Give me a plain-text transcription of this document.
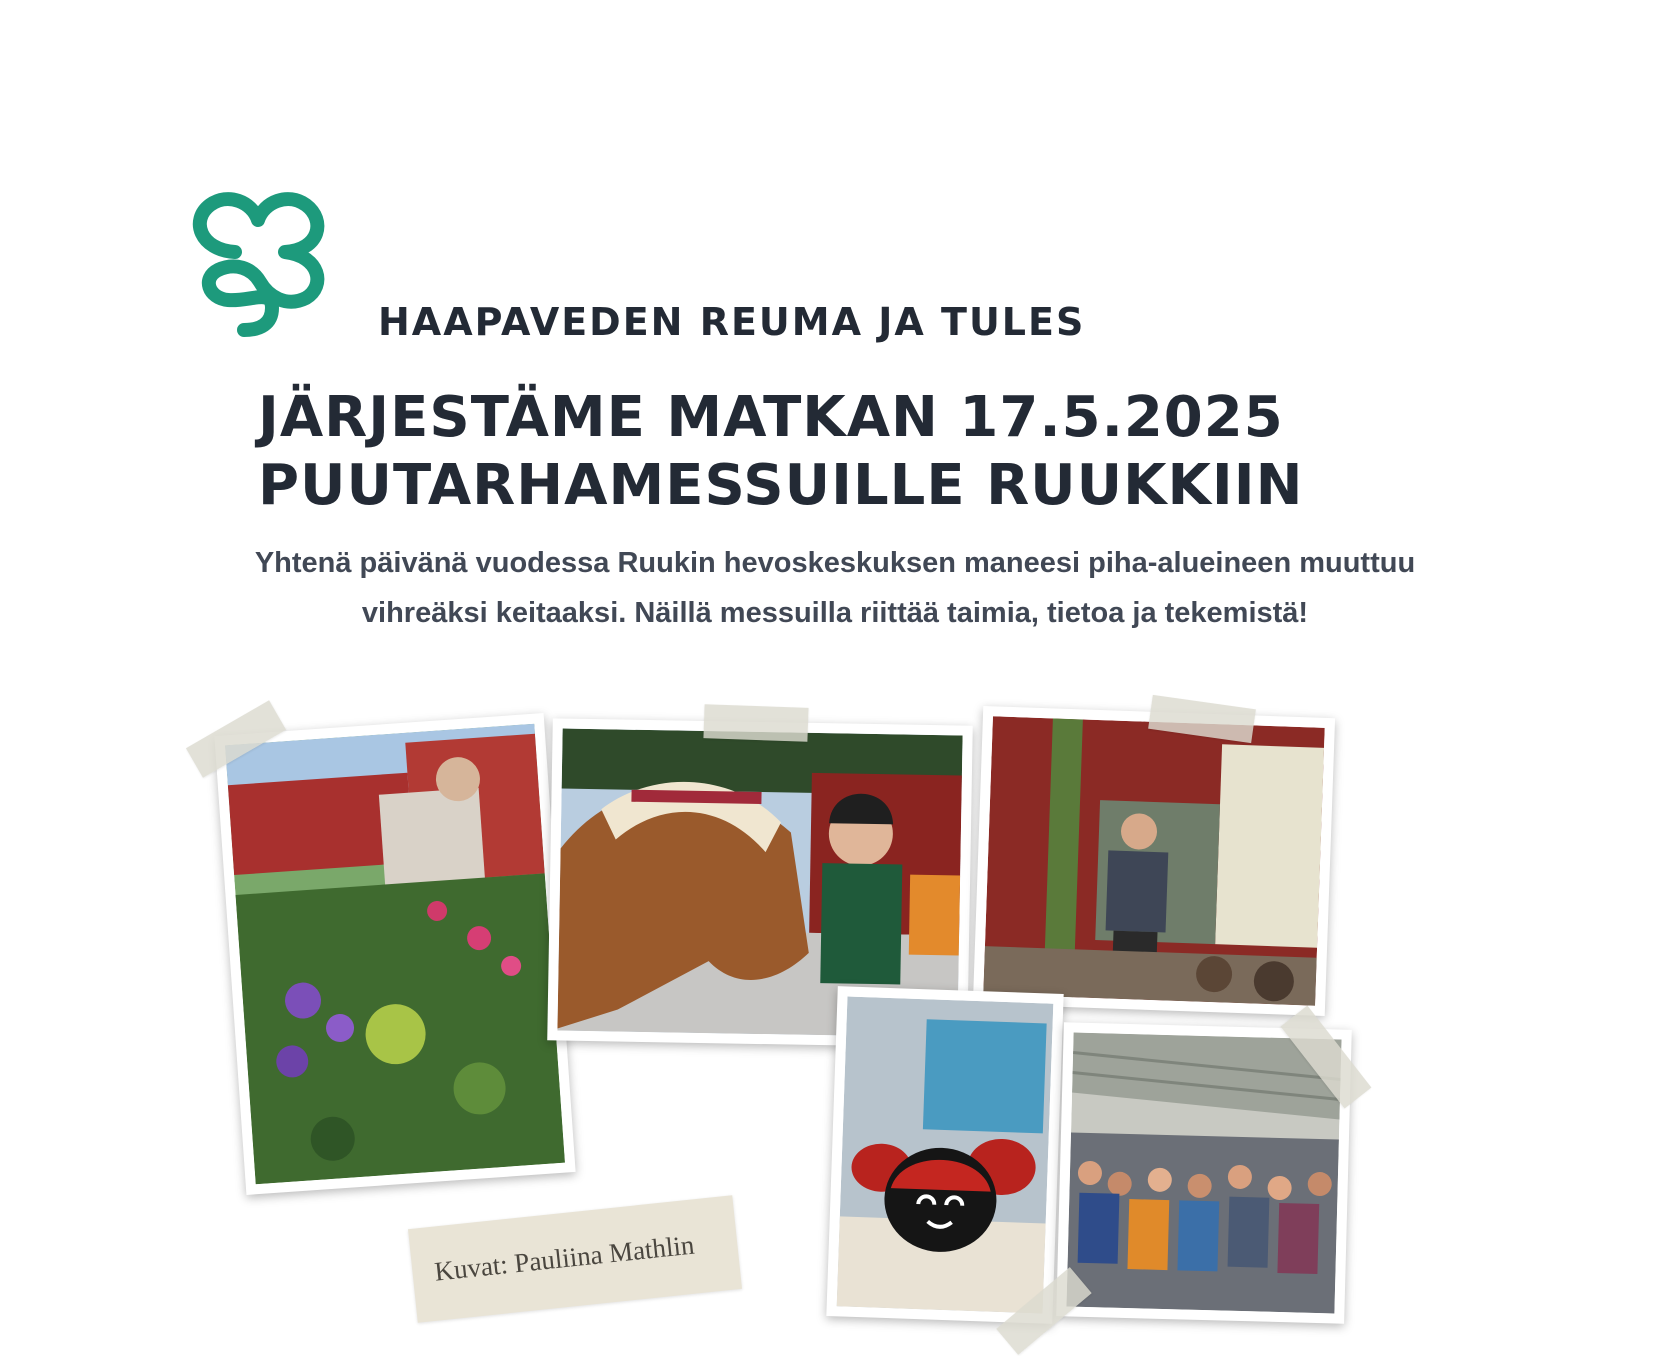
HAAPAVEDEN REUMA JA TULES
JÄRJESTÄME MATKAN 17.5.2025
PUUTARHAMESSUILLE RUUKKIIN
Yhtenä päivänä vuodessa Ruukin hevoskeskuksen maneesi piha-alueineen muuttuu
vihreäksi keitaaksi. Näillä messuilla riittää taimia, tietoa ja tekemistä!
Kuvat: Pauliina Mathlin
